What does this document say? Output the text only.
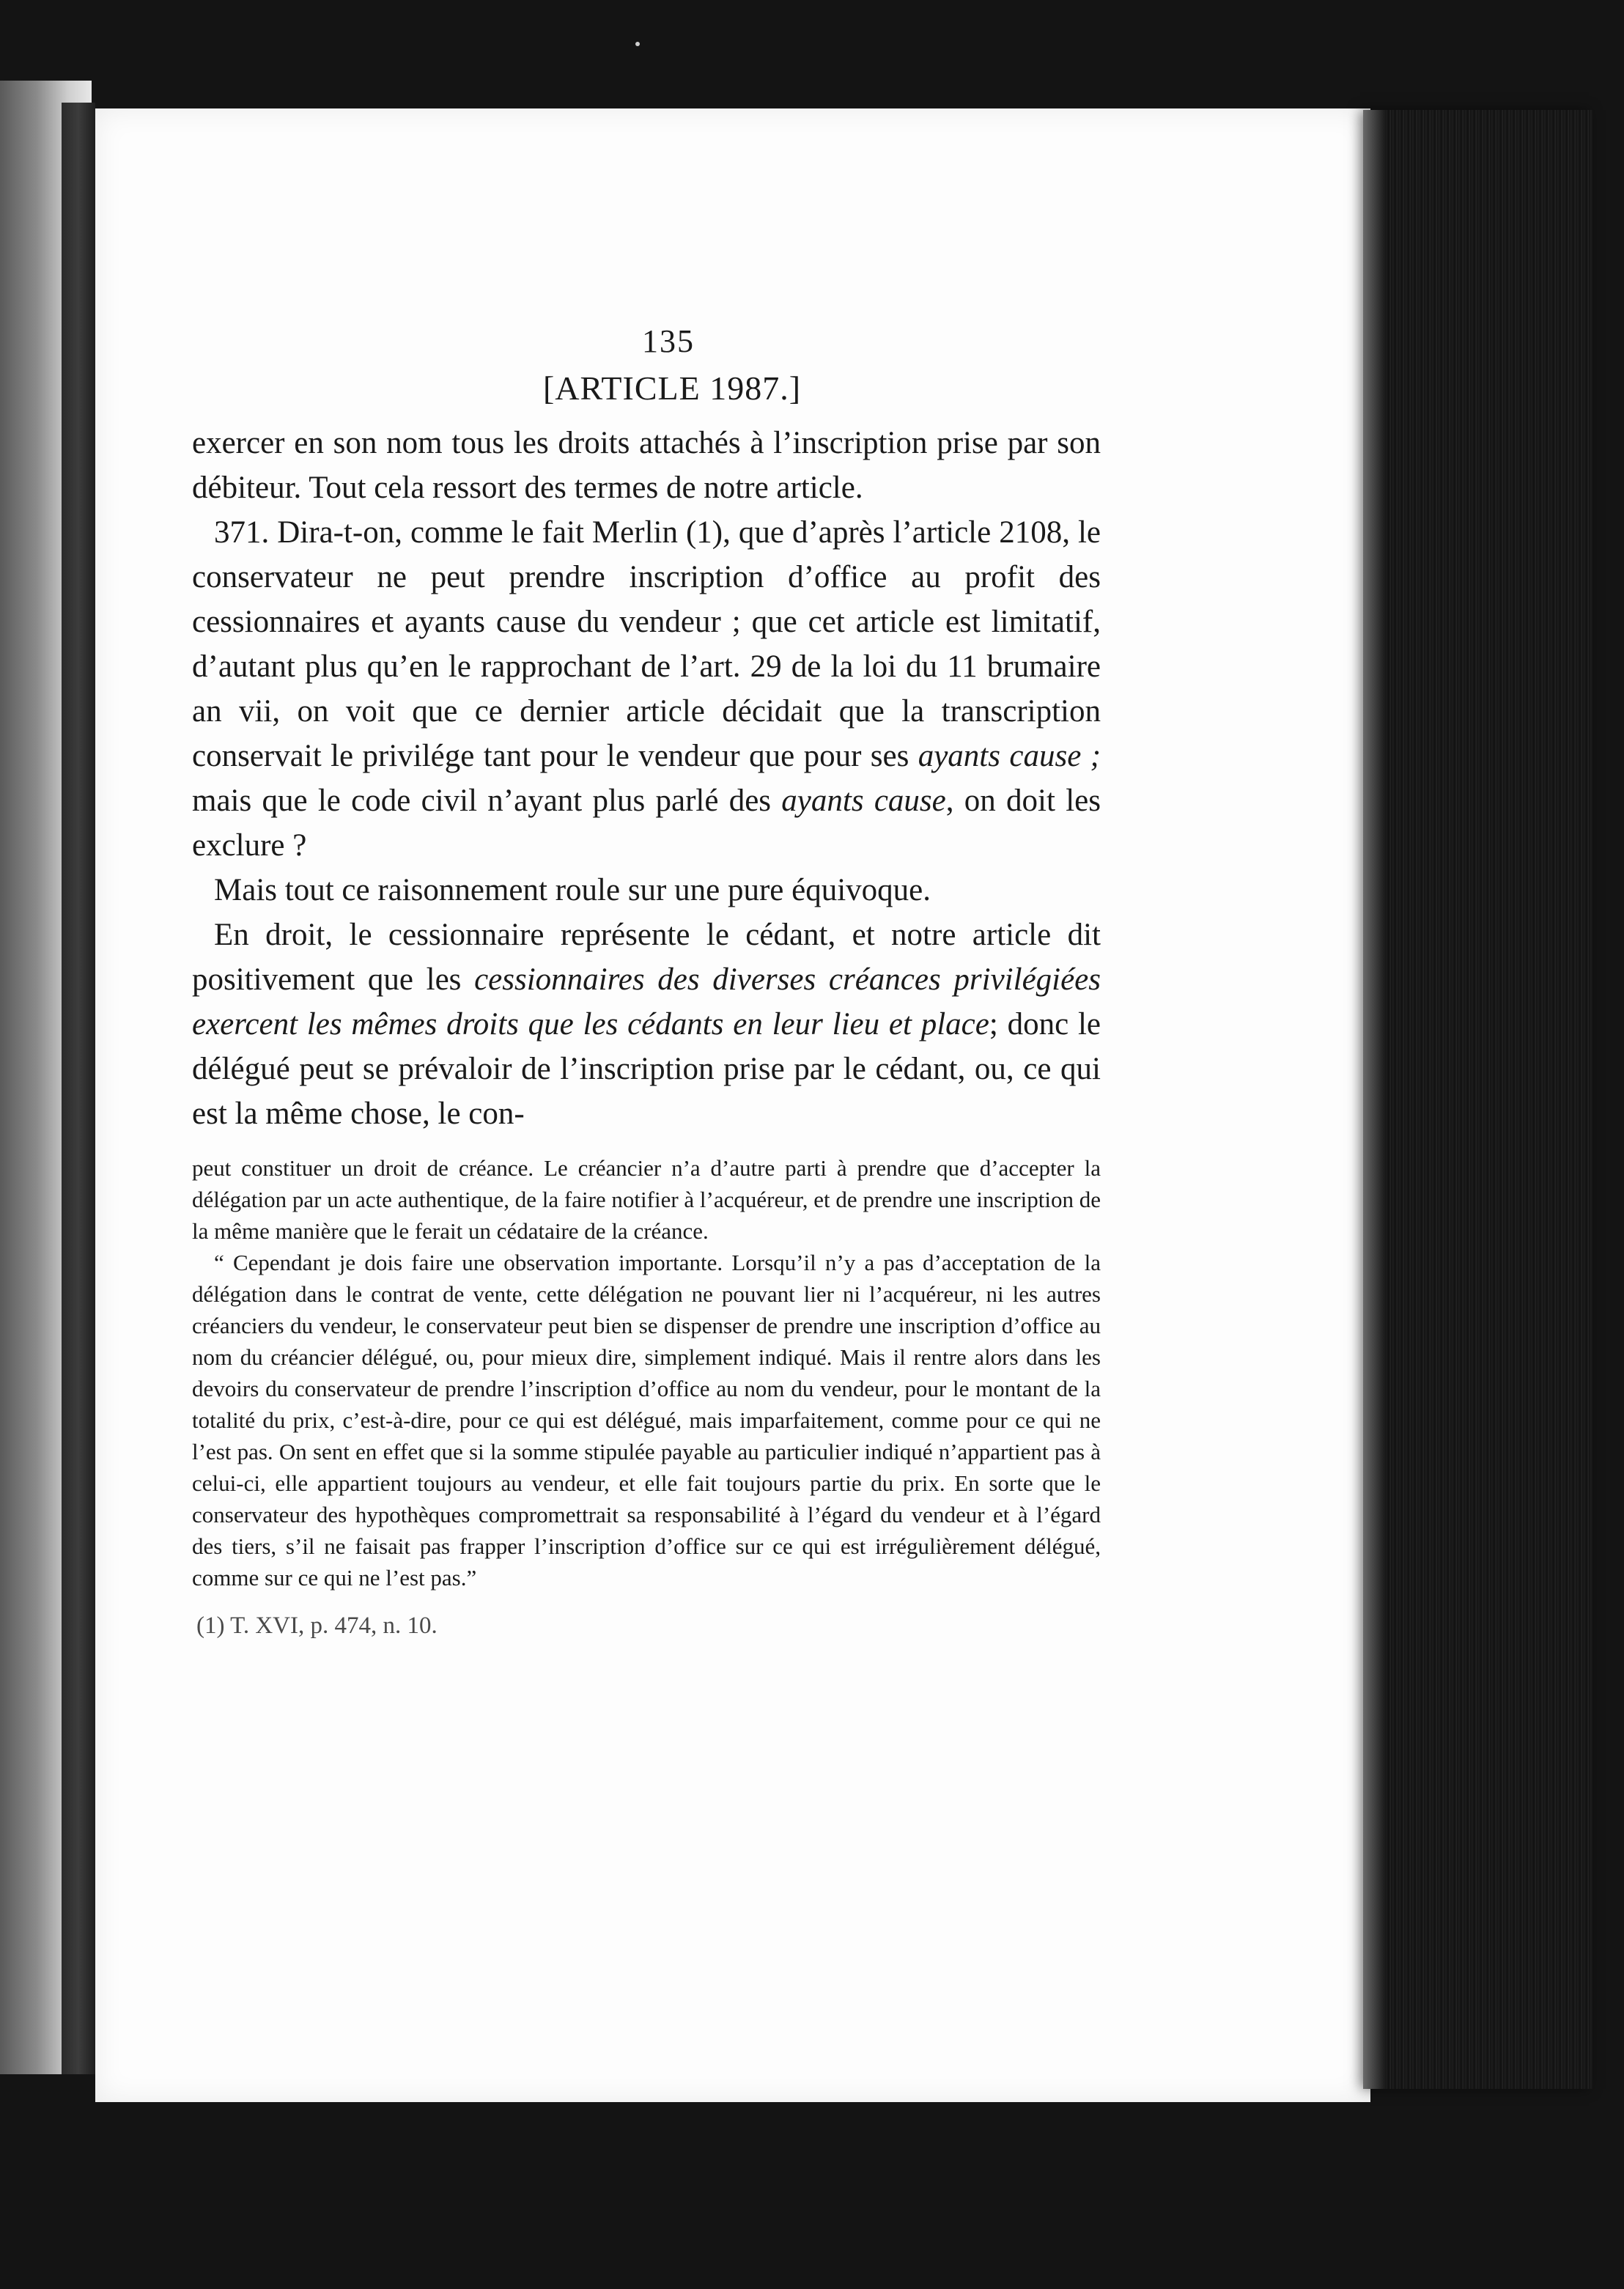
135
[ARTICLE 1987.]

exercer en son nom tous les droits attachés à l’inscription prise par son débiteur. Tout cela ressort des termes de notre article.

371. Dira-t-on, comme le fait Merlin (1), que d’après l’article 2108, le conservateur ne peut prendre inscription d’office au profit des cessionnaires et ayants cause du vendeur ; que cet article est limitatif, d’autant plus qu’en le rapprochant de l’art. 29 de la loi du 11 brumaire an vii, on voit que ce dernier article décidait que la transcription conservait le privilége tant pour le vendeur que pour ses ayants cause ; mais que le code civil n’ayant plus parlé des ayants cause, on doit les exclure ?

Mais tout ce raisonnement roule sur une pure équivoque.

En droit, le cessionnaire représente le cédant, et notre article dit positivement que les cessionnaires des diverses créances privilégiées exercent les mêmes droits que les cédants en leur lieu et place; donc le délégué peut se prévaloir de l’inscription prise par le cédant, ou, ce qui est la même chose, le con-

peut constituer un droit de créance. Le créancier n’a d’autre parti à prendre que d’accepter la délégation par un acte authentique, de la faire notifier à l’acquéreur, et de prendre une inscription de la même manière que le ferait un cédataire de la créance.

“ Cependant je dois faire une observation importante. Lorsqu’il n’y a pas d’acceptation de la délégation dans le contrat de vente, cette délégation ne pouvant lier ni l’acquéreur, ni les autres créanciers du vendeur, le conservateur peut bien se dispenser de prendre une inscription d’office au nom du créancier délégué, ou, pour mieux dire, simplement indiqué. Mais il rentre alors dans les devoirs du conservateur de prendre l’inscription d’office au nom du vendeur, pour le montant de la totalité du prix, c’est-à-dire, pour ce qui est délégué, mais imparfaitement, comme pour ce qui ne l’est pas. On sent en effet que si la somme stipulée payable au particulier indiqué n’appartient pas à celui-ci, elle appartient toujours au vendeur, et elle fait toujours partie du prix. En sorte que le conservateur des hypothèques compromettrait sa responsabilité à l’égard du vendeur et à l’égard des tiers, s’il ne faisait pas frapper l’inscription d’office sur ce qui est irrégulièrement délégué, comme sur ce qui ne l’est pas.”

(1) T. XVI, p. 474, n. 10.
